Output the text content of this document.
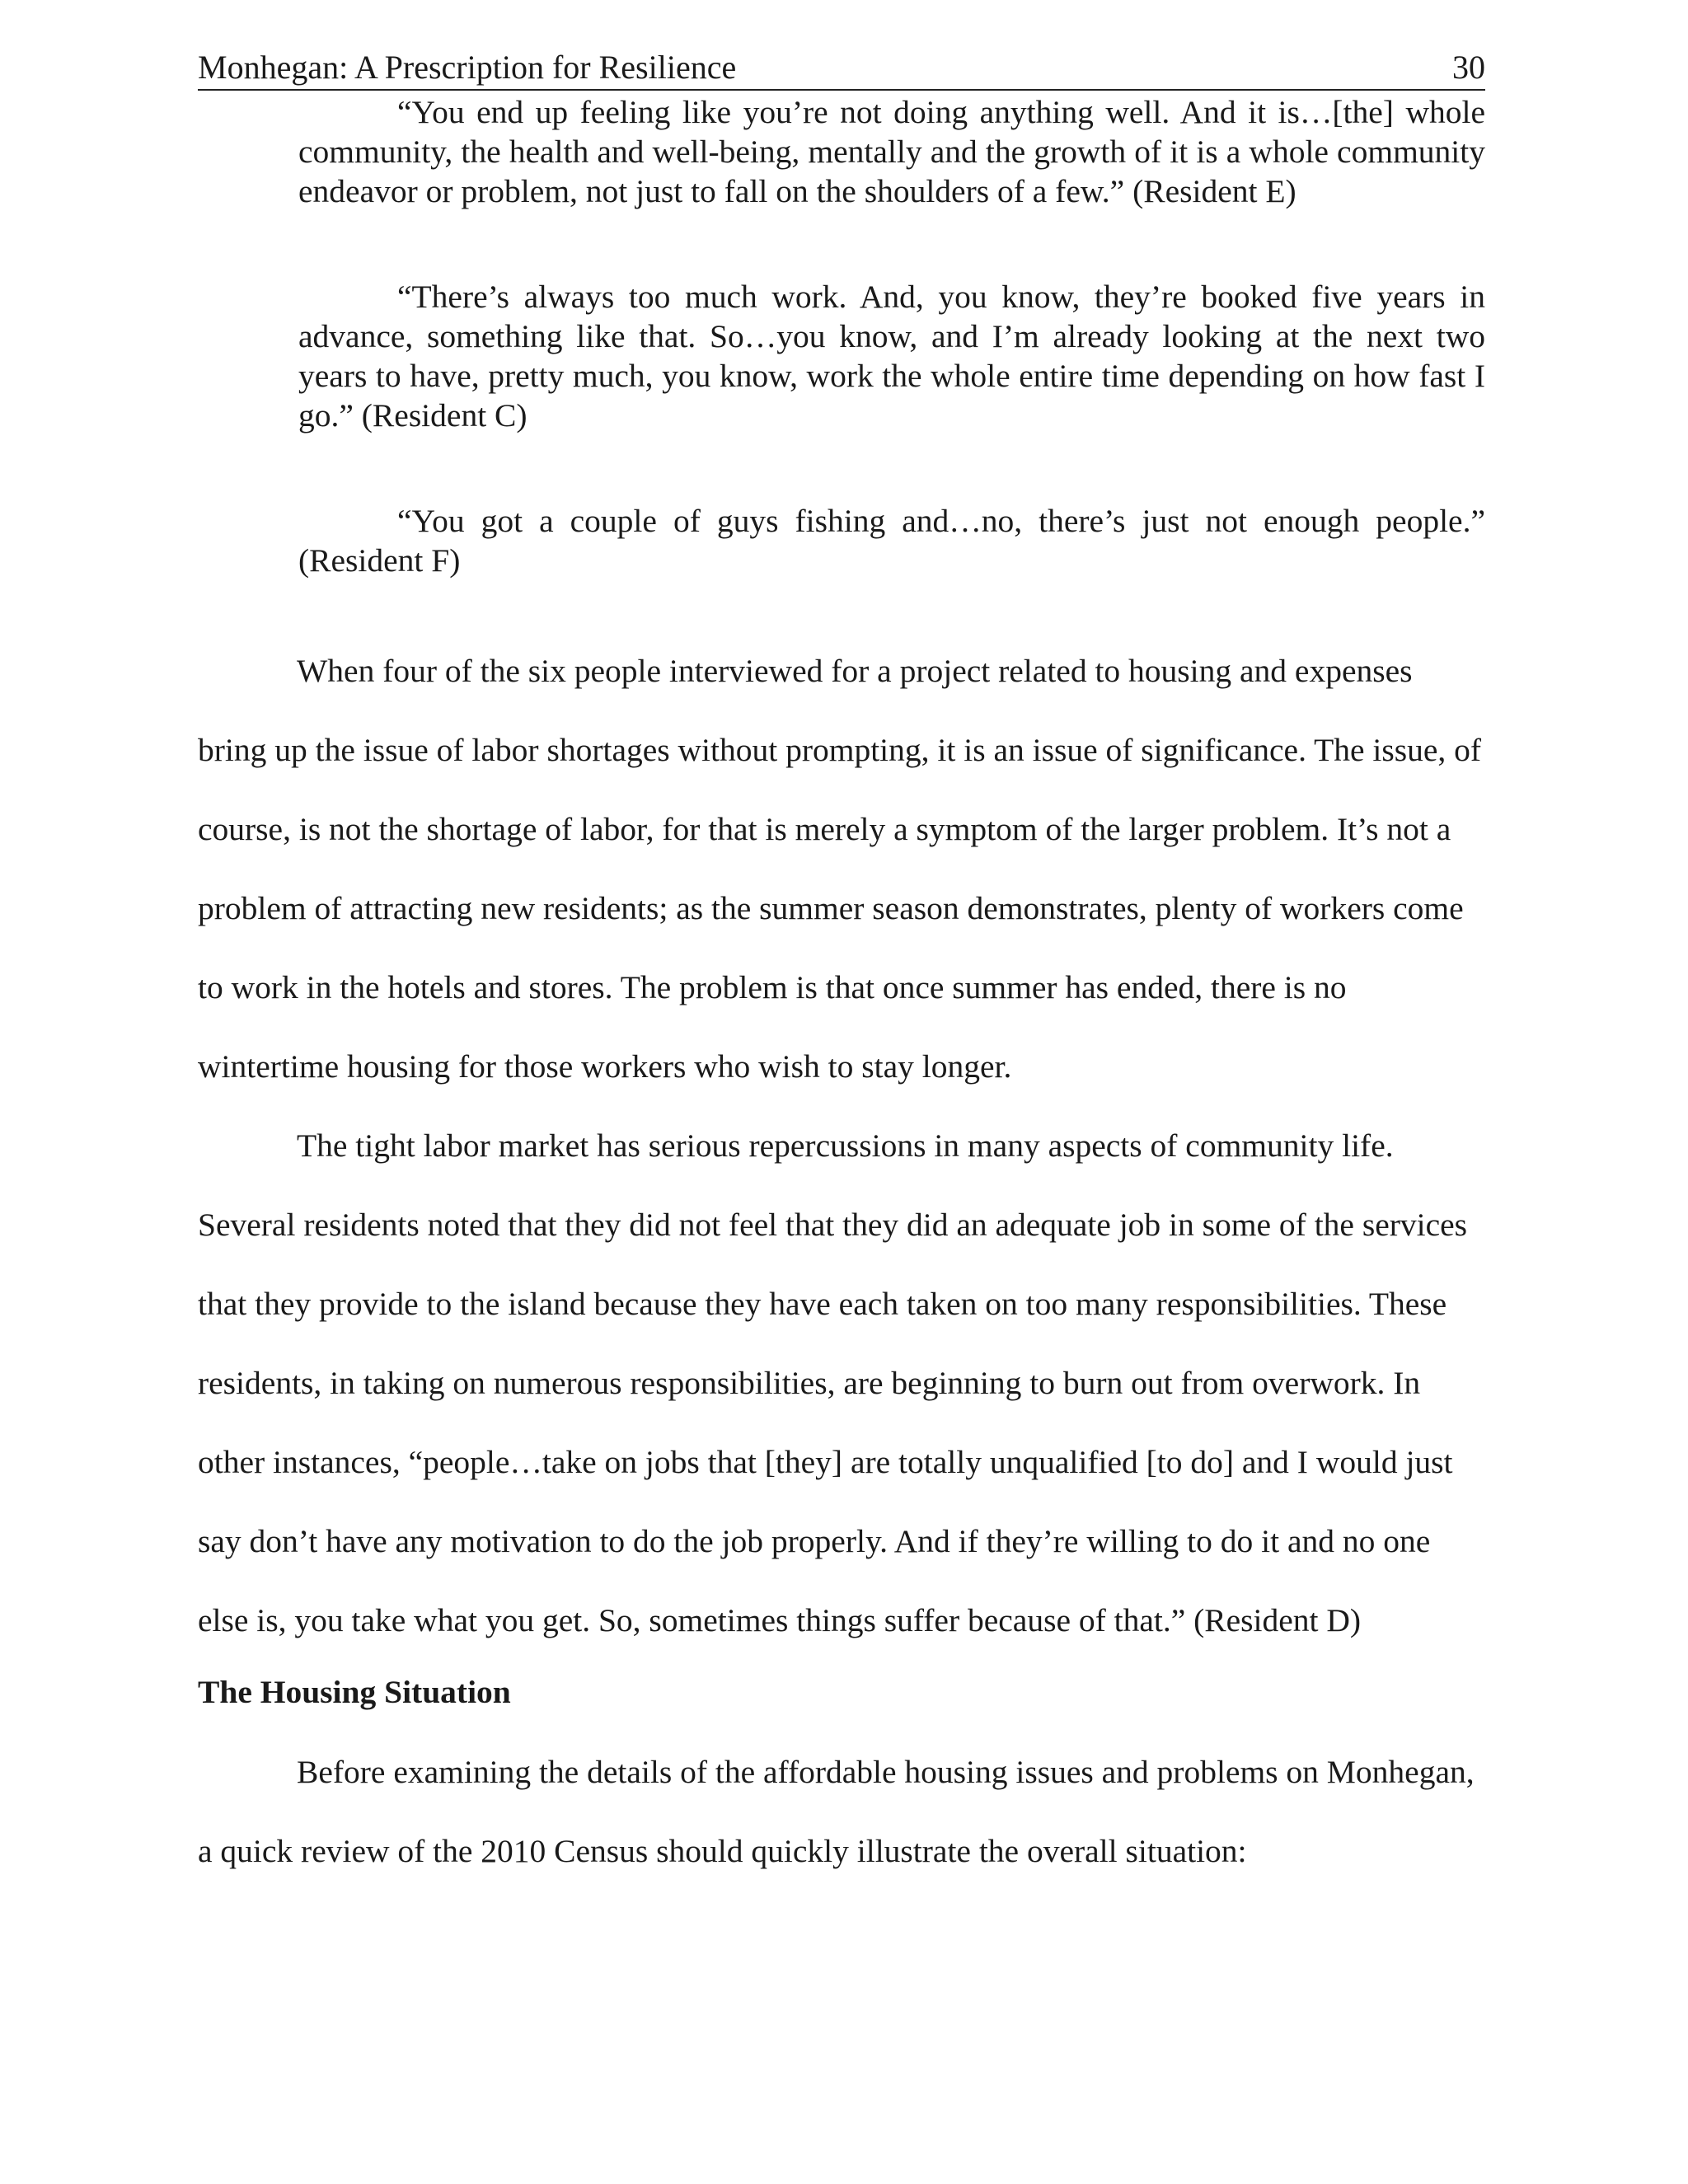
Monhegan: A Prescription for Resilience	30

“You end up feeling like you’re not doing anything well. And it is…[the] whole community, the health and well-being, mentally and the growth of it is a whole community endeavor or problem, not just to fall on the shoulders of a few.” (Resident E)

“There’s always too much work. And, you know, they’re booked five years in advance, something like that. So…you know, and I’m already looking at the next two years to have, pretty much, you know, work the whole entire time depending on how fast I go.” (Resident C)

“You got a couple of guys fishing and…no, there’s just not enough people.” (Resident F)

When four of the six people interviewed for a project related to housing and expenses bring up the issue of labor shortages without prompting, it is an issue of significance. The issue, of course, is not the shortage of labor, for that is merely a symptom of the larger problem. It’s not a problem of attracting new residents; as the summer season demonstrates, plenty of workers come to work in the hotels and stores. The problem is that once summer has ended, there is no wintertime housing for those workers who wish to stay longer.

The tight labor market has serious repercussions in many aspects of community life. Several residents noted that they did not feel that they did an adequate job in some of the services that they provide to the island because they have each taken on too many responsibilities. These residents, in taking on numerous responsibilities, are beginning to burn out from overwork. In other instances, “people…take on jobs that [they] are totally unqualified [to do] and I would just say don’t have any motivation to do the job properly. And if they’re willing to do it and no one else is, you take what you get. So, sometimes things suffer because of that.” (Resident D)

The Housing Situation

Before examining the details of the affordable housing issues and problems on Monhegan, a quick review of the 2010 Census should quickly illustrate the overall situation:
